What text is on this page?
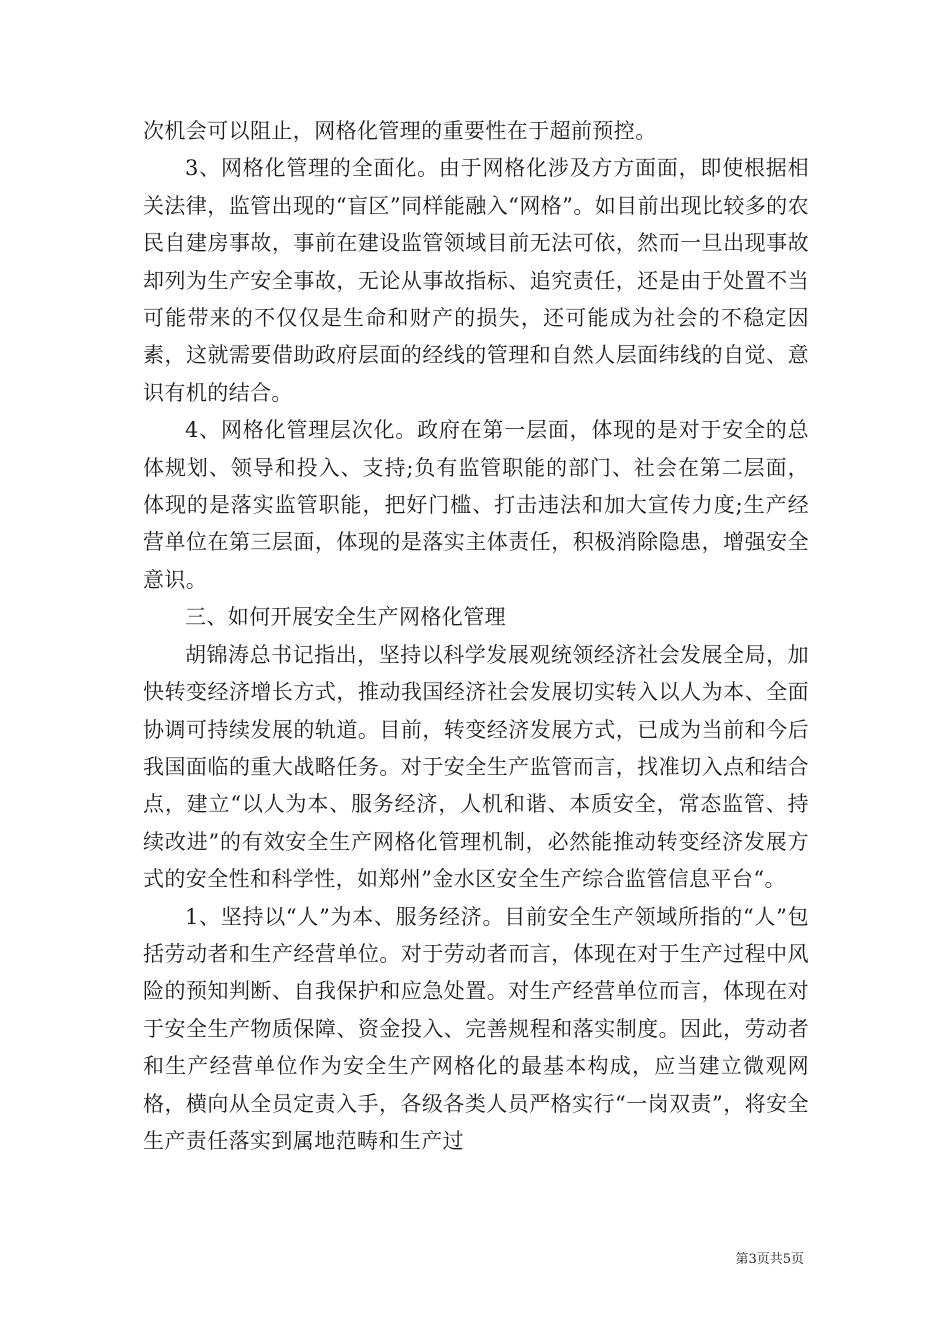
次机会可以阻止，网格化管理的重要性在于超前预控。

3、网格化管理的全面化。由于网格化涉及方方面面，即使根据相关法律，监管出现的“盲区”同样能融入“网格”。如目前出现比较多的农民自建房事故，事前在建设监管领域目前无法可依，然而一旦出现事故却列为生产安全事故，无论从事故指标、追究责任，还是由于处置不当可能带来的不仅仅是生命和财产的损失，还可能成为社会的不稳定因素，这就需要借助政府层面的经线的管理和自然人层面纬线的自觉、意识有机的结合。

4、网格化管理层次化。政府在第一层面，体现的是对于安全的总体规划、领导和投入、支持;负有监管职能的部门、社会在第二层面，体现的是落实监管职能，把好门槛、打击违法和加大宣传力度;生产经营单位在第三层面，体现的是落实主体责任，积极消除隐患，增强安全意识。

三、如何开展安全生产网格化管理

胡锦涛总书记指出，坚持以科学发展观统领经济社会发展全局，加快转变经济增长方式，推动我国经济社会发展切实转入以人为本、全面协调可持续发展的轨道。目前，转变经济发展方式，已成为当前和今后我国面临的重大战略任务。对于安全生产监管而言，找准切入点和结合点，建立“以人为本、服务经济，人机和谐、本质安全，常态监管、持续改进”的有效安全生产网格化管理机制，必然能推动转变经济发展方式的安全性和科学性，如郑州”金水区安全生产综合监管信息平台“。

1、坚持以“人”为本、服务经济。目前安全生产领域所指的“人”包括劳动者和生产经营单位。对于劳动者而言，体现在对于生产过程中风险的预知判断、自我保护和应急处置。对生产经营单位而言，体现在对于安全生产物质保障、资金投入、完善规程和落实制度。因此，劳动者和生产经营单位作为安全生产网格化的最基本构成，应当建立微观网格，横向从全员定责入手，各级各类人员严格实行“一岗双责”，将安全生产责任落实到属地范畴和生产过

第3页共5页
